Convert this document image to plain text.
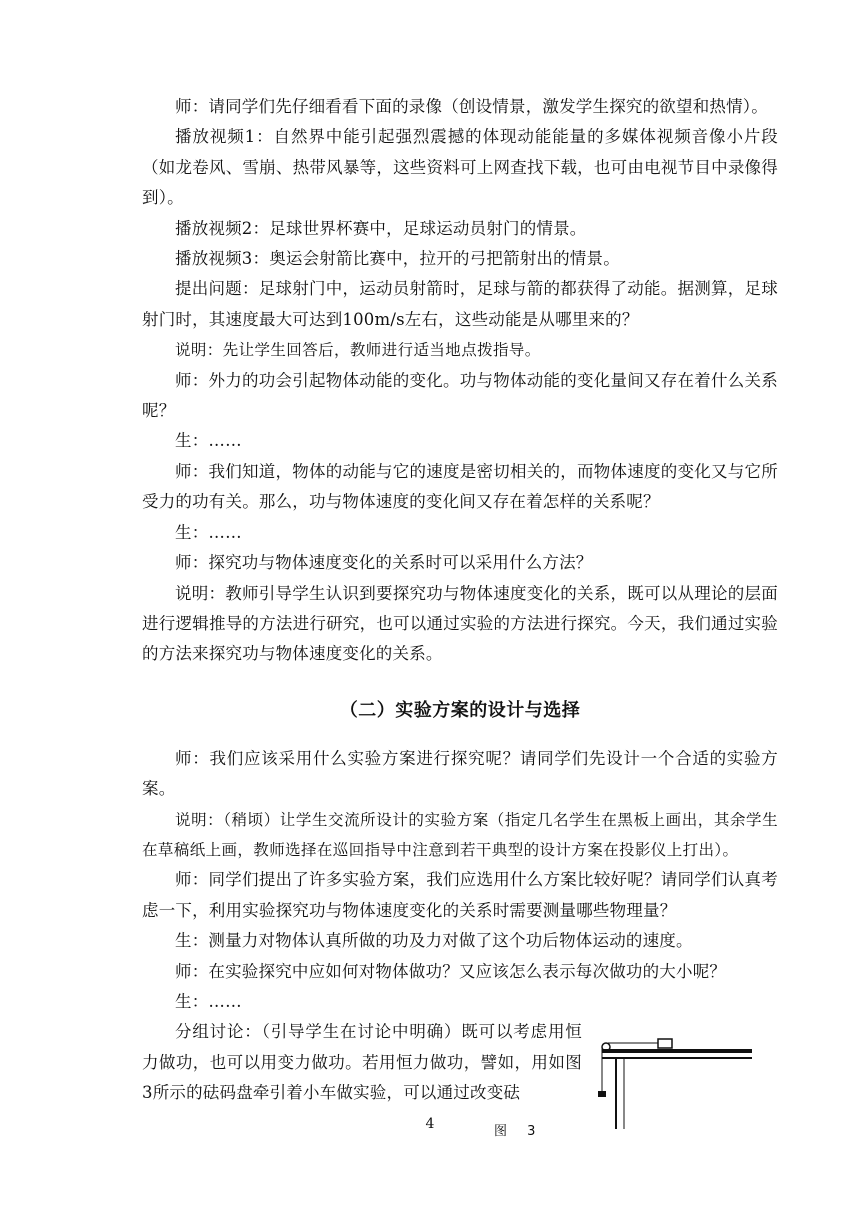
师：请同学们先仔细看看下面的录像（创设情景，激发学生探究的欲望和热情）。

播放视频1：自然界中能引起强烈震撼的体现动能能量的多媒体视频音像小片段（如龙卷风、雪崩、热带风暴等，这些资料可上网查找下载，也可由电视节目中录像得到）。

播放视频2：足球世界杯赛中，足球运动员射门的情景。

播放视频3：奥运会射箭比赛中，拉开的弓把箭射出的情景。

提出问题：足球射门中，运动员射箭时，足球与箭的都获得了动能。据测算，足球射门时，其速度最大可达到100m/s左右，这些动能是从哪里来的？

说明：先让学生回答后，教师进行适当地点拨指导。

师：外力的功会引起物体动能的变化。功与物体动能的变化量间又存在着什么关系呢？

生：……

师：我们知道，物体的动能与它的速度是密切相关的，而物体速度的变化又与它所受力的功有关。那么，功与物体速度的变化间又存在着怎样的关系呢？

生：……

师：探究功与物体速度变化的关系时可以采用什么方法？

说明：教师引导学生认识到要探究功与物体速度变化的关系，既可以从理论的层面进行逻辑推导的方法进行研究，也可以通过实验的方法进行探究。今天，我们通过实验的方法来探究功与物体速度变化的关系。

（二）实验方案的设计与选择

师：我们应该采用什么实验方案进行探究呢？请同学们先设计一个合适的实验方案。

说明：（稍顷）让学生交流所设计的实验方案（指定几名学生在黑板上画出，其余学生在草稿纸上画，教师选择在巡回指导中注意到若干典型的设计方案在投影仪上打出）。

师：同学们提出了许多实验方案，我们应选用什么方案比较好呢？请同学们认真考虑一下，利用实验探究功与物体速度变化的关系时需要测量哪些物理量？

生：测量力对物体认真所做的功及力对做了这个功后物体运动的速度。

师：在实验探究中应如何对物体做功？又应该怎么表示每次做功的大小呢？

生：……

分组讨论：（引导学生在讨论中明确）既可以考虑用恒力做功，也可以用变力做功。若用恒力做功，譬如，用如图3所示的砝码盘牵引着小车做实验，可以通过改变砝

4	图 3
